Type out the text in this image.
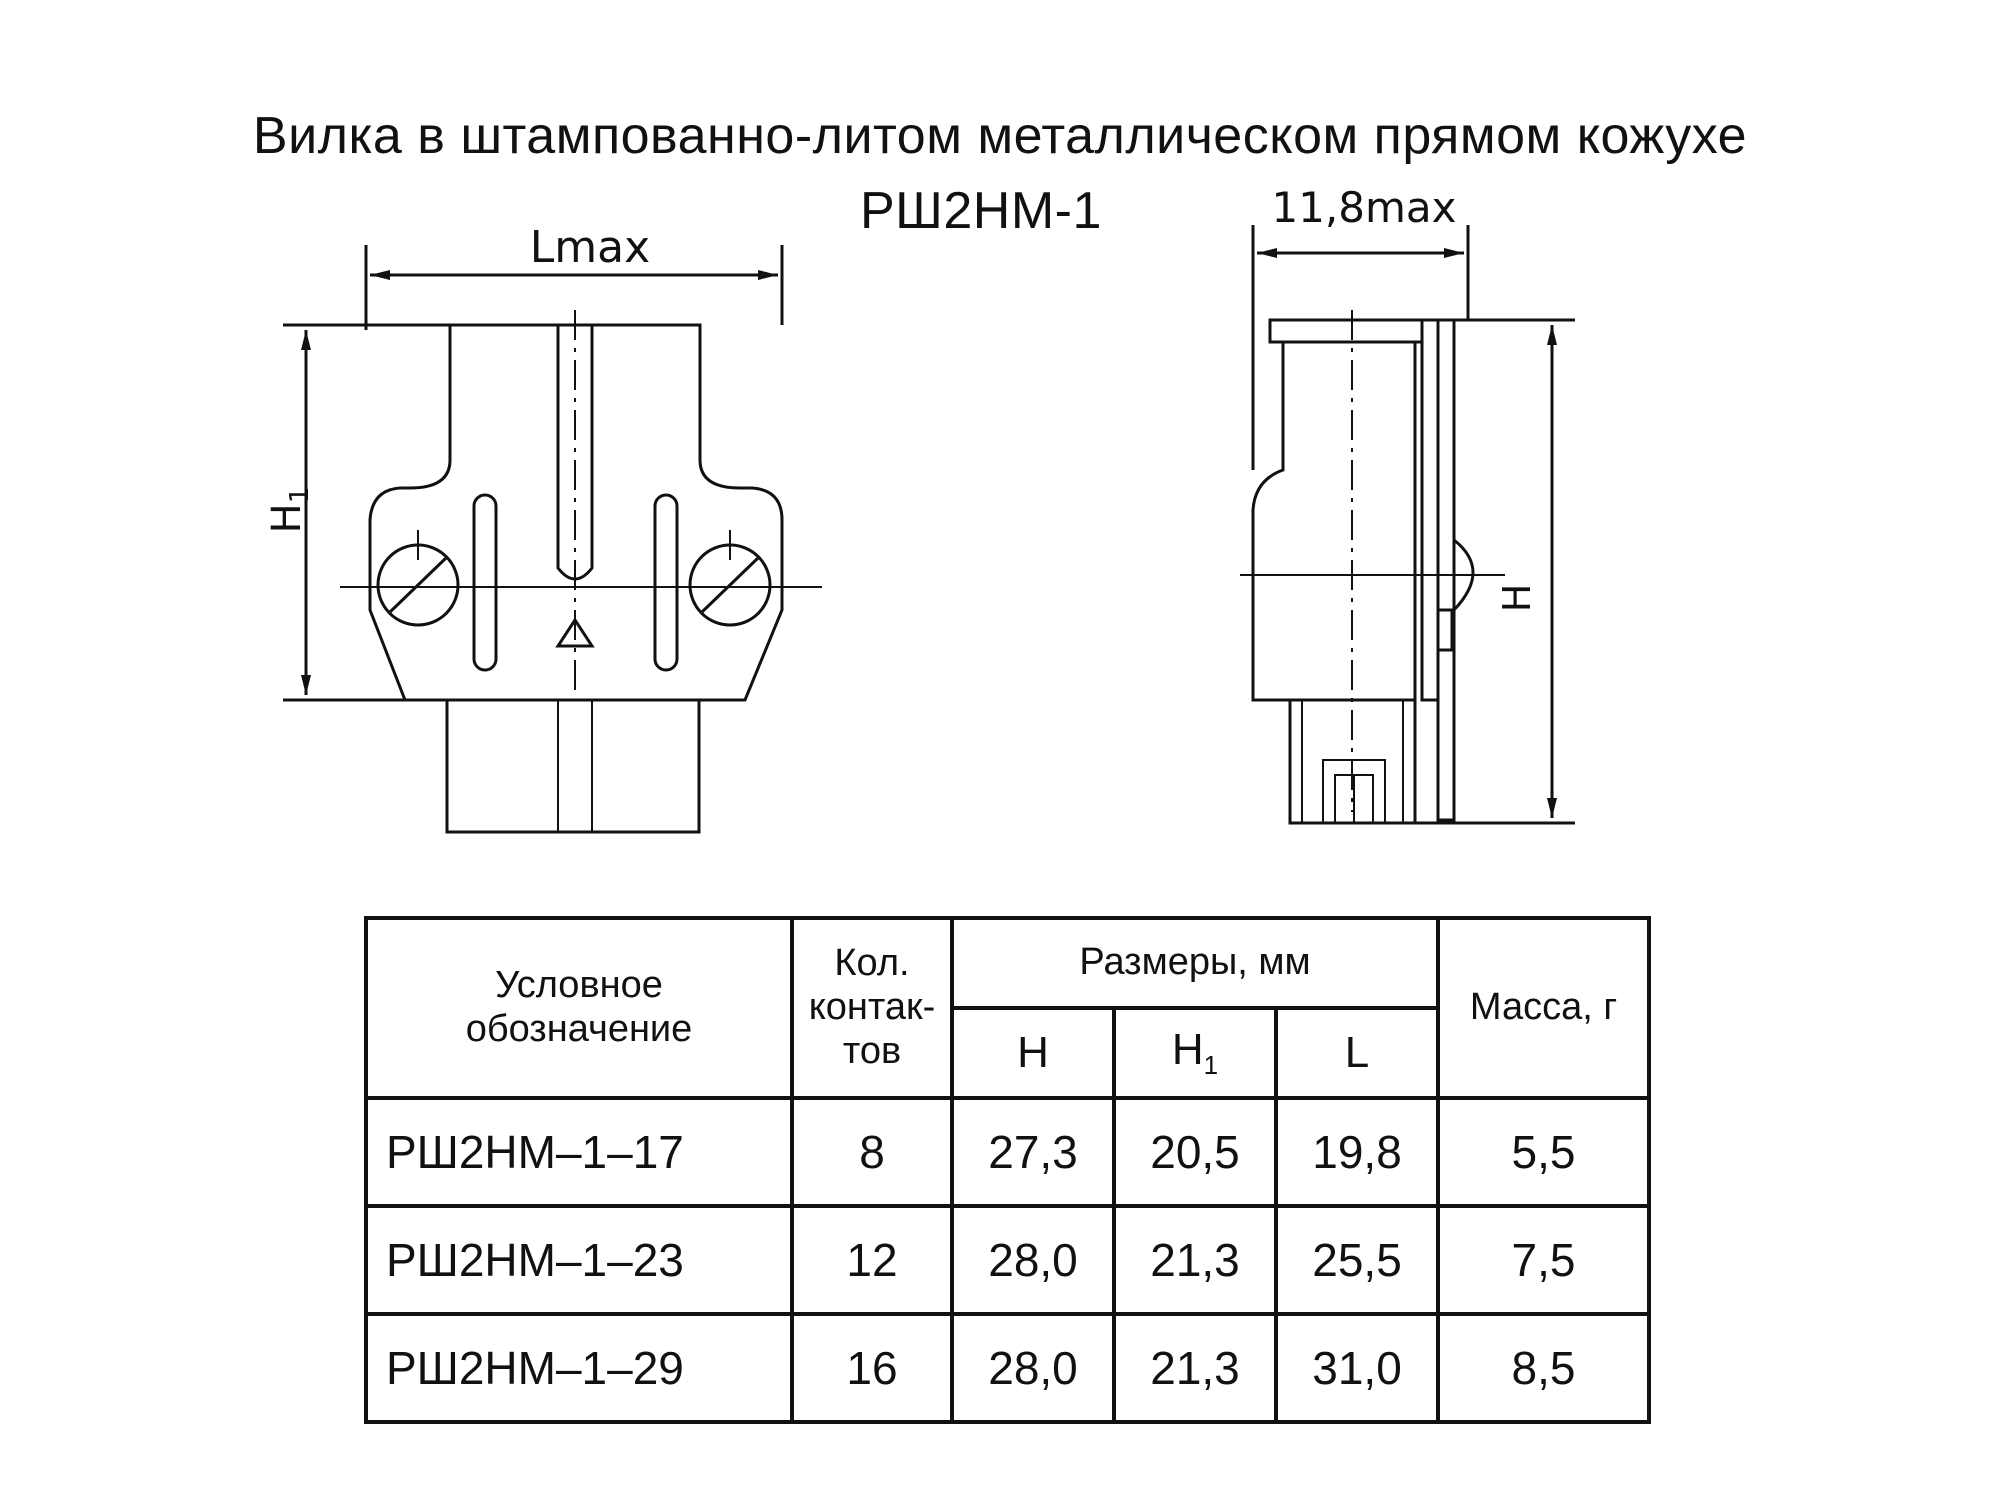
Вилка в штампованно-литом металлическом прямом кожухе
РШ2НМ-1
Lmax
$H_1$
11,8max
H
Условное обозначение	Кол.
контак-
тов	Размеры, мм			Масса, г
		H	$H_1$	L	
РШ2НМ–1–17	8	27,3	20,5	19,8	5,5
РШ2НМ–1–23	12	28,0	21,3	25,5	7,5
РШ2НМ–1–29	16	28,0	21,3	31,0	8,5
